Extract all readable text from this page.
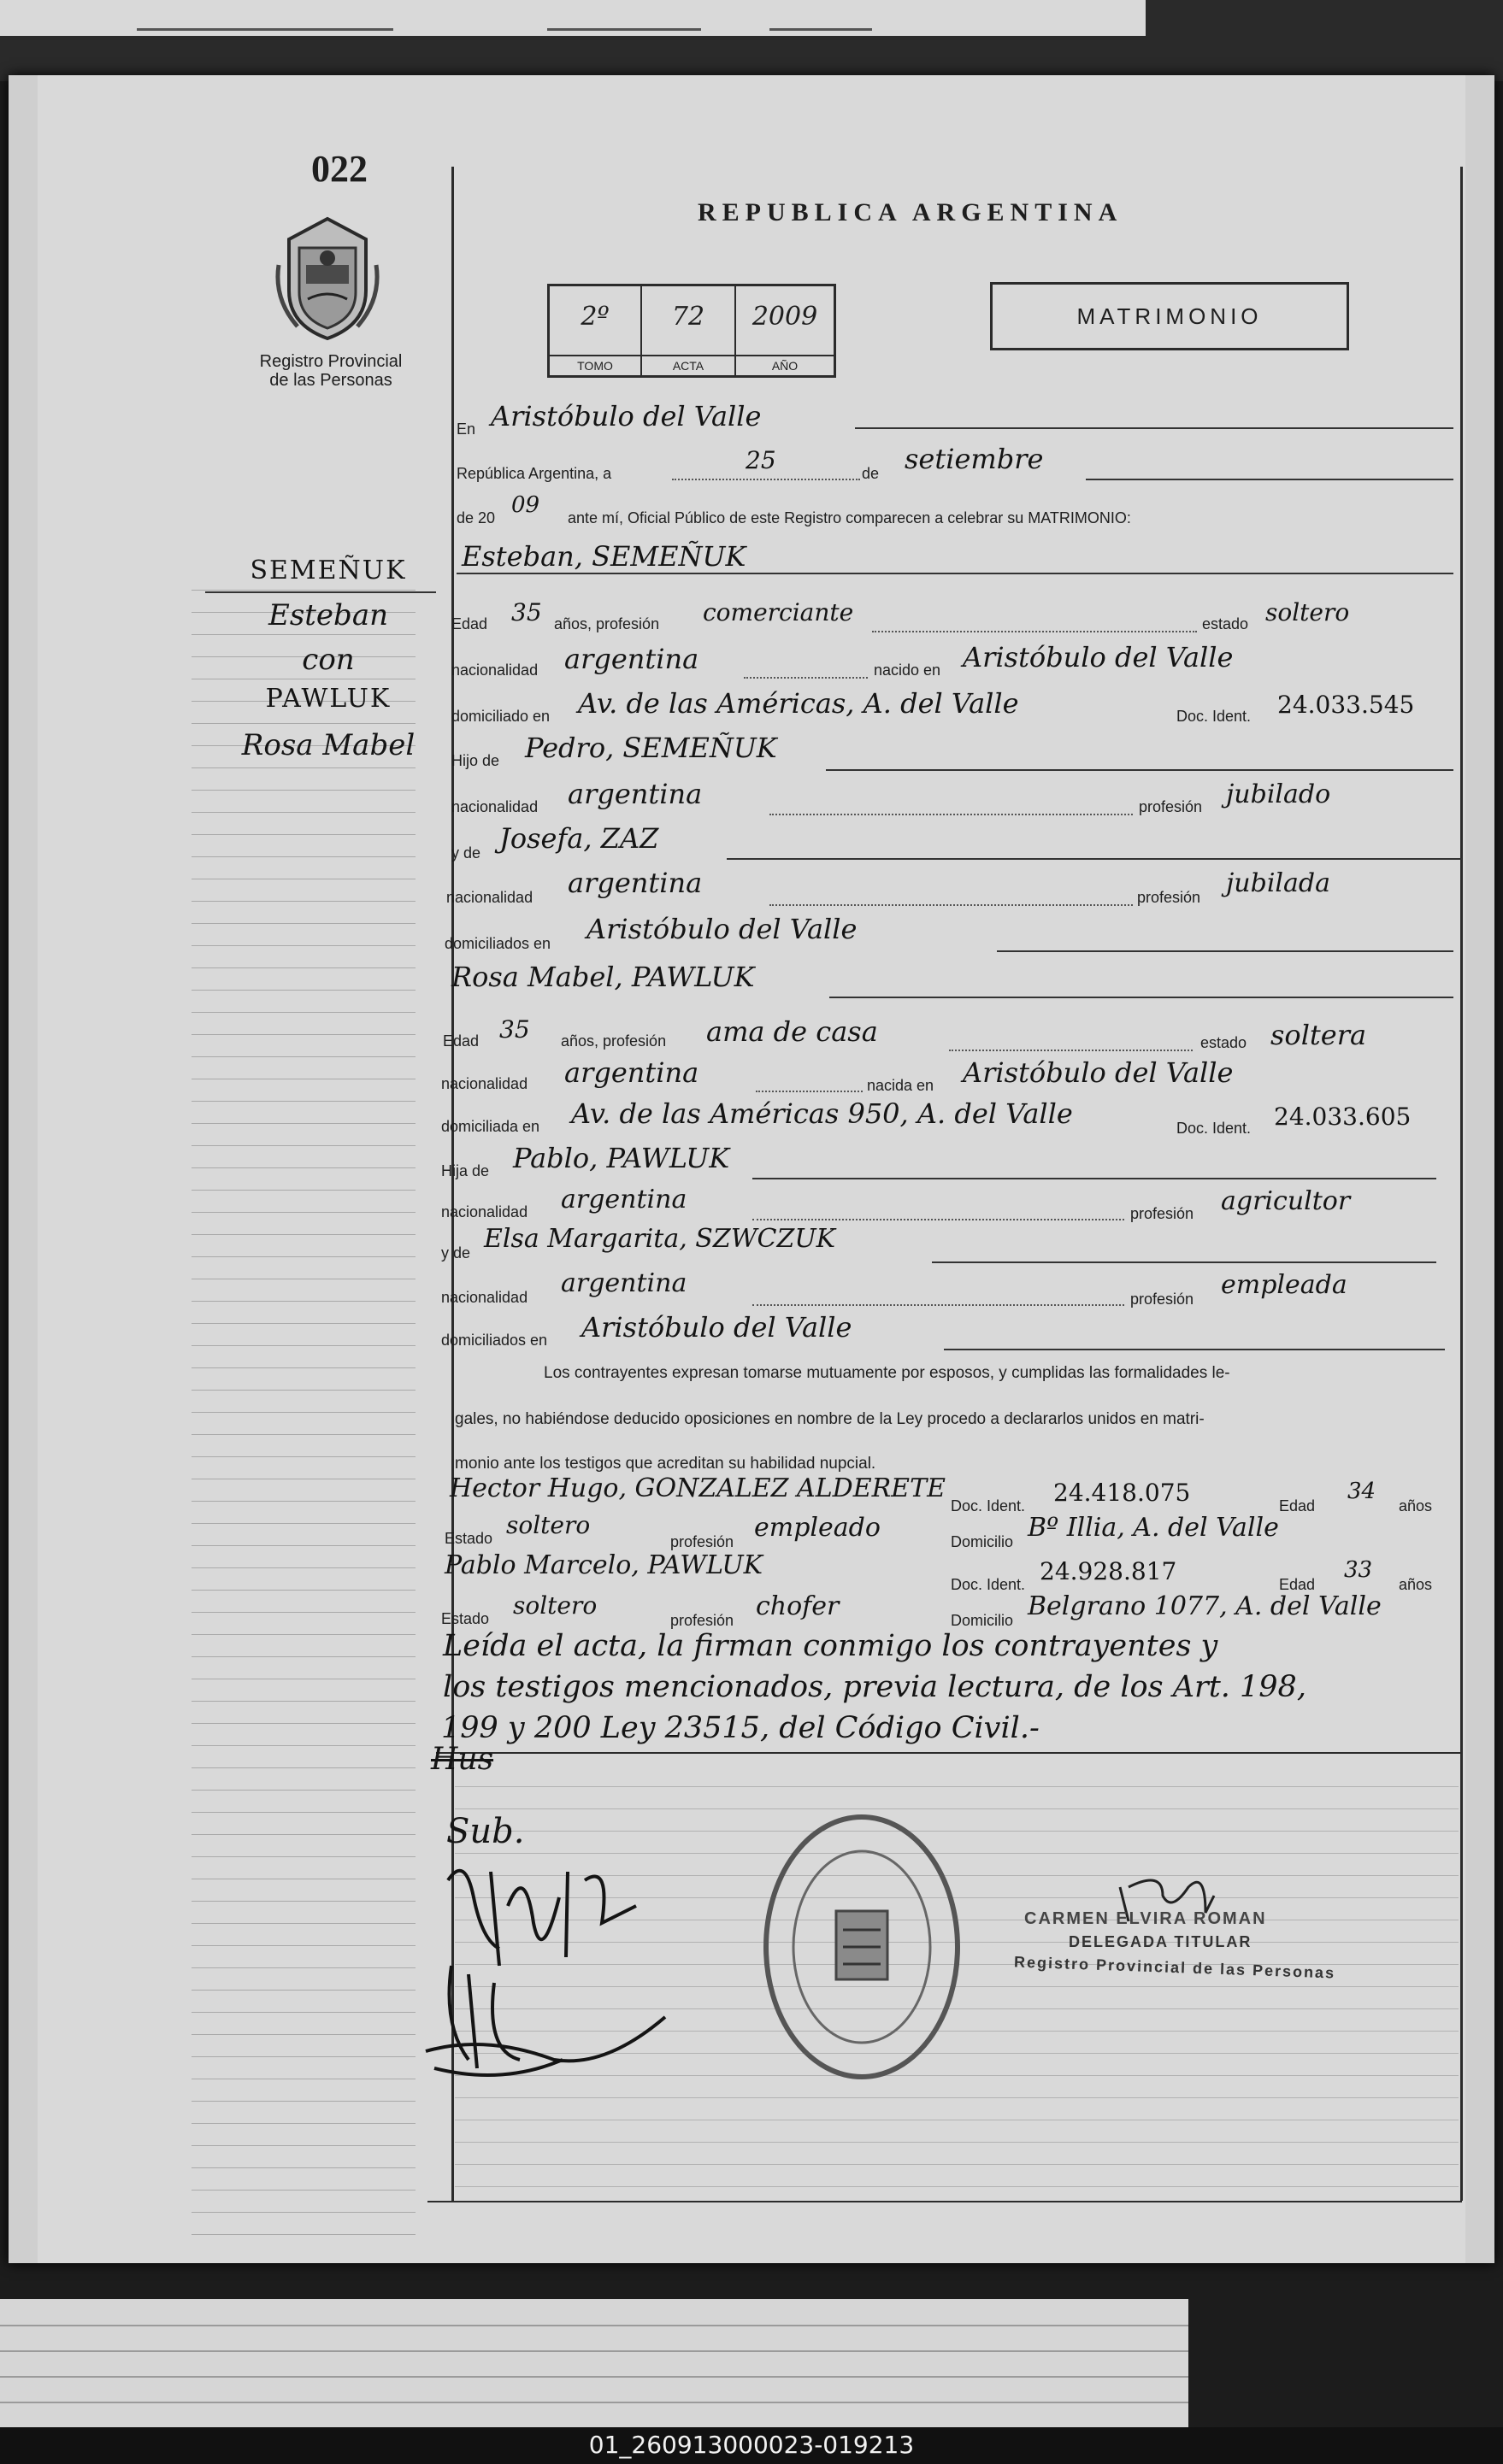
022
Registro Provincial
de las Personas
REPUBLICA ARGENTINA
2º
TOMO
72
ACTA
2009
AÑO
MATRIMONIO
En Aristóbulo del Valle
República Argentina, a	25	de setiembre
de 20 09 ante mí, Oficial Público de este Registro comparecen a celebrar su MATRIMONIO:
SEMEÑUK
Esteban
con
PAWLUK
Rosa Mabel
Esteban, SEMEÑUK
Edad 35 años, profesión comerciante	estado soltero
nacionalidad argentina	nacido en Aristóbulo del Valle
domiciliado en Av. de las Américas, A. del Valle	Doc. Ident. 24.033.545
Hijo de Pedro, SEMEÑUK
nacionalidad argentina	profesión jubilado
y de Josefa, ZAZ
nacionalidad argentina	profesión jubilada
domiciliados en Aristóbulo del Valle
Rosa Mabel, PAWLUK
Edad 35 años, profesión ama de casa	estado soltera
nacionalidad argentina	nacida en Aristóbulo del Valle
domiciliada en Av. de las Américas 950, A. del Valle	Doc. Ident. 24.033.605
Hija de Pablo, PAWLUK
nacionalidad argentina	profesión agricultor
y de Elsa Margarita, SZWCZUK
nacionalidad argentina
profesión empleada
domiciliados en Aristóbulo del Valle
Los contrayentes expresan tomarse mutuamente por esposos, y cumplidas las formalidades le-
gales, no habiéndose deducido oposiciones en nombre de la Ley procedo a declararlos unidos en matri-
monio ante los testigos que acreditan su habilidad nupcial.
Hector Hugo, GONZALEZ ALDERETE
Doc. Ident. 24.418.075	Edad
34
años
Estado soltero
profesión empleado	Domicilio Bº Illia, A. del Valle
Pablo Marcelo, PAWLUK
Doc. Ident. 24.928.817	Edad
33
años
Estado soltero
profesión chofer	Domicilio Belgrano 1077, A. del Valle
Leída el acta, la firman conmigo los contrayentes y
los testigos mencionados, previa lectura, de los Art. 198,
199 y 200 Ley 23515, del Código Civil.-
Hus
Sub.
CARMEN ELVIRA ROMAN
DELEGADA TITULAR
Registro Provincial de las Personas
01_260913000023-019213
